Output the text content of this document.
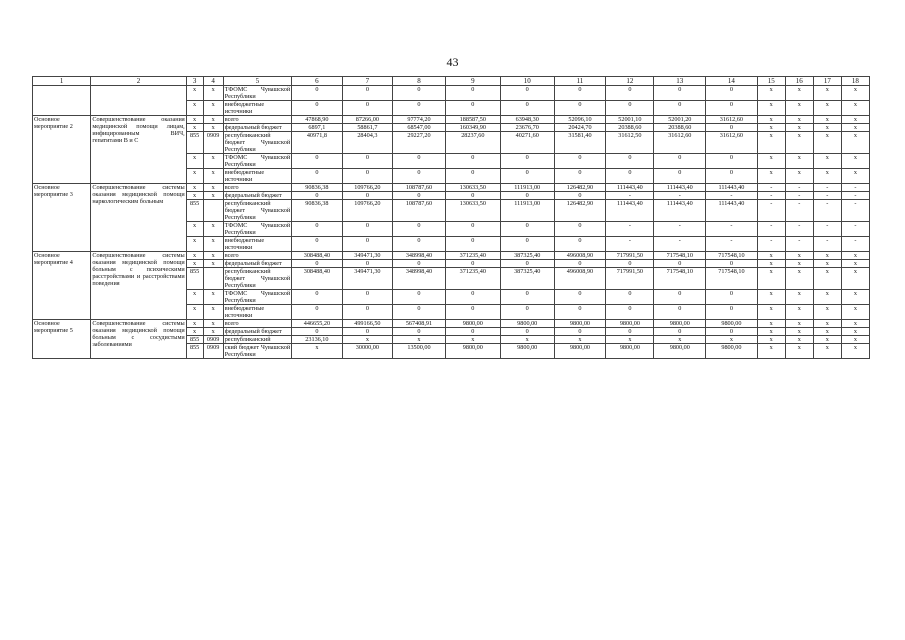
43
1	2	3	4	5	6	7	8	9	10	11	12	13	14	15	16	17	18
		x	x	ТФОМС Чувашской Республики	0	0	0	0	0	0	0	0	0	x	x	x	x
		x	x	внебюджетные источники	0	0	0	0	0	0	0	0	0	x	x	x	x
Основное мероприятие 2	Совершенствование оказания медицинской помощи лицам, инфицированным ВИЧ, гепатитами В и С	x	x	всего	47868,90	87266,00	97774,20	188587,50	63948,30	52096,10	52001,10	52001,20	31612,60	x	x	x	x
		x	x	федеральный бюджет	6897,1	58861,7	68547,00	160349,90	23676,70	20424,70	20388,60	20388,60	0	x	x	x	x
		855	0909	республиканский бюджет Чувашской Республики	40971,8	28404,3	29227,20	28237,60	40271,60	31581,40	31612,50	31612,60	31612,60	x	x	x	x
		x	x	ТФОМС Чувашской Республики	0	0	0	0	0	0	0	0	0	x	x	x	x
		x	x	внебюджетные источники	0	0	0	0	0	0	0	0	0	x	x	x	x
Основное мероприятие 3	Совершенствование системы оказания медицинской помощи наркологическим больным	x	x	всего	90836,38	109766,20	108787,60	130633,50	111913,00	126482,90	111443,40	111443,40	111443,40	-	-	-	-
		x	x	федеральный бюджет	0	0	0	0	0	0	-	-	-	-	-	-	-
		855		республиканский бюджет Чувашской Республики	90836,38	109766,20	108787,60	130633,50	111913,00	126482,90	111443,40	111443,40	111443,40	-	-	-	-
		x	x	ТФОМС Чувашской Республики	0	0	0	0	0	0	-	-	-	-	-	-	-
		x	x	внебюджетные источники	0	0	0	0	0	0	-	-	-	-	-	-	-
Основное мероприятие 4	Совершенствование системы оказания медицинской помощи больным с психическими расстройствами и расстройствами поведения	x	x	всего	308488,40	349471,30	348998,40	371235,40	387325,40	496008,90	717991,50	717548,10	717548,10	x	x	x	x
		x	x	федеральный бюджет	0	0	0	0	0	0	0	0	0	x	x	x	x
		855		республиканский бюджет Чувашской Республики	308488,40	349471,30	348998,40	371235,40	387325,40	496008,90	717991,50	717548,10	717548,10	x	x	x	x
		x	x	ТФОМС Чувашской Республики	0	0	0	0	0	0	0	0	0	x	x	x	x
		x	x	внебюджетные источники	0	0	0	0	0	0	0	0	0	x	x	x	x
Основное мероприятие 5	Совершенствование системы оказания медицинской помощи больным с сосудистыми заболеваниями	x	x	всего	446655,20	499166,50	567408,91	9800,00	9800,00	9800,00	9800,00	9800,00	9800,00	x	x	x	x
		x	x	федеральный бюджет	0	0	0	0	0	0	0	0	0	x	x	x	x
		855	0909	республиканский	23136,10	x	x	x	x	x	x	x	x	x	x	x	x
		855	0909	ский бюджет Чувашской Республики	x	30000,00	13500,00	9800,00	9800,00	9800,00	9800,00	9800,00	9800,00	x	x	x	x
